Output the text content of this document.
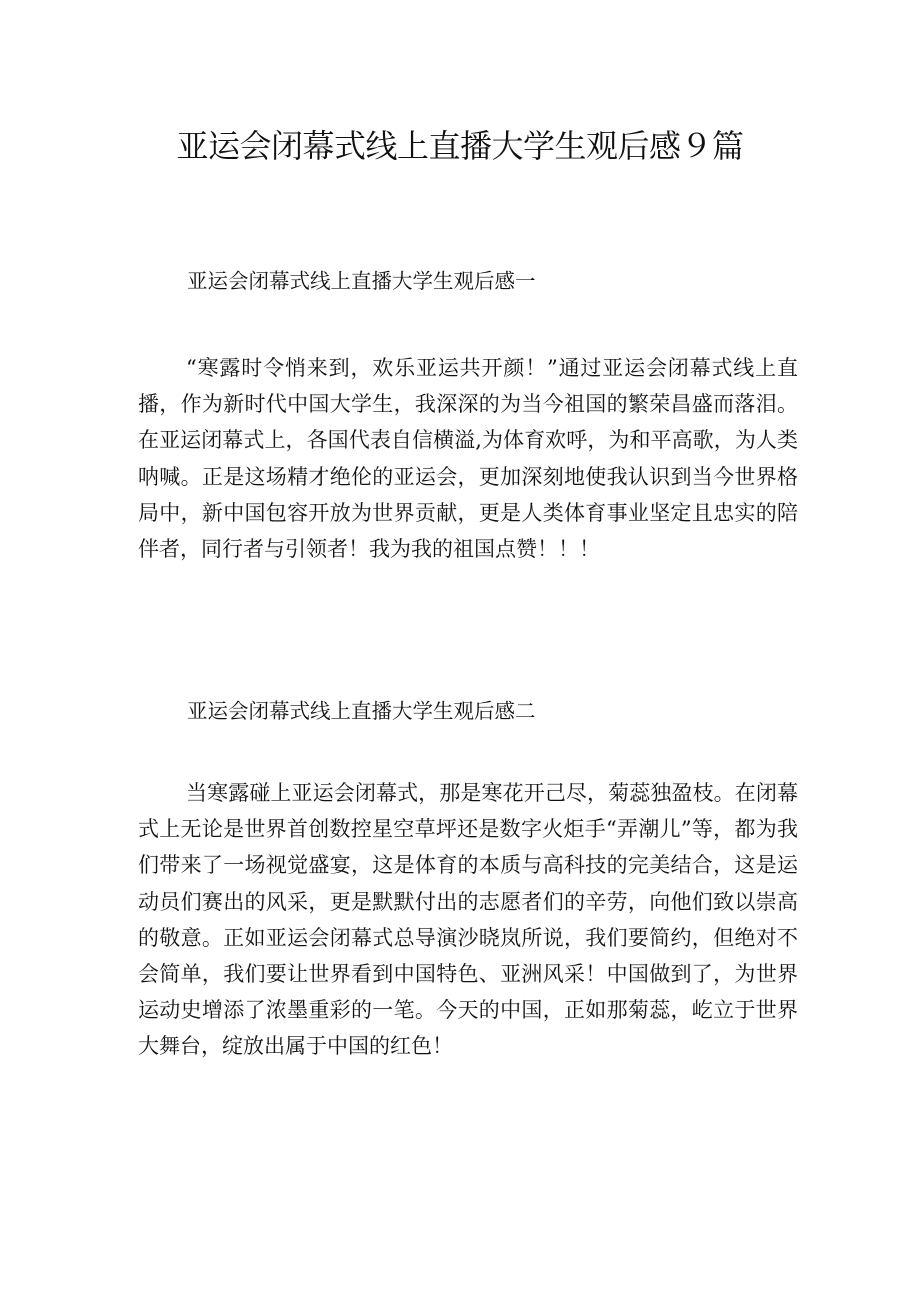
亚运会闭幕式线上直播大学生观后感９篇
亚运会闭幕式线上直播大学生观后感一

“寒露时令悄来到，欢乐亚运共开颜！”通过亚运会闭幕式线上直播，作为新时代中国大学生，我深深的为当今祖国的繁荣昌盛而落泪。在亚运闭幕式上，各国代表自信横溢,为体育欢呼，为和平高歌，为人类呐喊。正是这场精才绝伦的亚运会，更加深刻地使我认识到当今世界格局中，新中国包容开放为世界贡献，更是人类体育事业坚定且忠实的陪伴者，同行者与引领者！我为我的祖国点赞！！！

亚运会闭幕式线上直播大学生观后感二

当寒露碰上亚运会闭幕式，那是寒花开己尽，菊蕊独盈枝。在闭幕式上无论是世界首创数控星空草坪还是数字火炬手“弄潮儿”等，都为我们带来了一场视觉盛宴，这是体育的本质与高科技的完美结合，这是运动员们赛出的风采，更是默默付出的志愿者们的辛劳，向他们致以崇高的敬意。正如亚运会闭幕式总导演沙晓岚所说，我们要简约，但绝对不会简单，我们要让世界看到中国特色、亚洲风采！中国做到了，为世界运动史增添了浓墨重彩的一笔。今天的中国，正如那菊蕊，屹立于世界大舞台，绽放出属于中国的红色！
